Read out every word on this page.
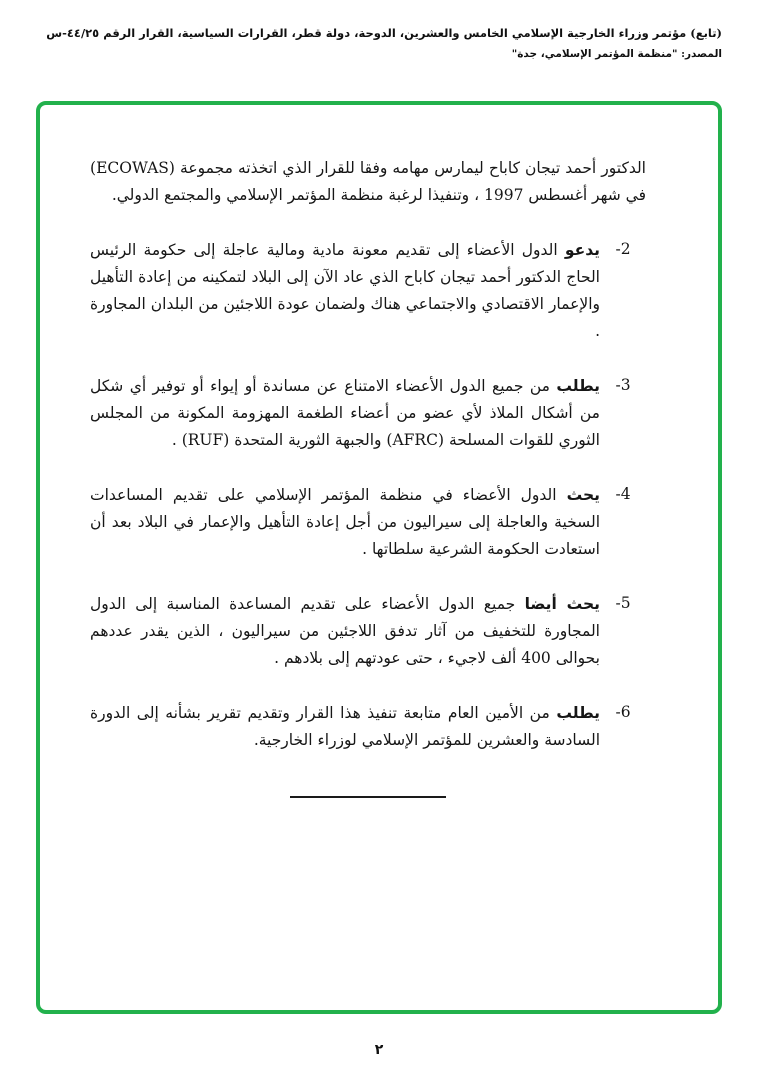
(تابع) مؤتمر وزراء الخارجية الإسلامي الخامس والعشرين، الدوحة، دولة قطر، القرارات السياسية، القرار الرقم ٤٤/٢٥-س
المصدر: "منظمة المؤتمر الإسلامي، جدة"

الدكتور أحمد تيجان كاباح ليمارس مهامه وفقا للقرار الذي اتخذته مجموعة (ECOWAS) في شهر أغسطس 1997 ، وتنفيذا لرغبة منظمة المؤتمر الإسلامي والمجتمع الدولي.

-2

يدعو الدول الأعضاء إلى تقديم معونة مادية ومالية عاجلة إلى حكومة الرئيس الحاج الدكتور أحمد تيجان كاباح الذي عاد الآن إلى البلاد لتمكينه من إعادة التأهيل والإعمار الاقتصادي والاجتماعي هناك ولضمان عودة اللاجئين من البلدان المجاورة .

-3

يطلب من جميع الدول الأعضاء الامتناع عن مساندة أو إيواء أو توفير أي شكل من أشكال الملاذ لأي عضو من أعضاء الطغمة المهزومة المكونة من المجلس الثوري للقوات المسلحة (AFRC) والجبهة الثورية المتحدة (RUF) .

-4

يحث الدول الأعضاء في منظمة المؤتمر الإسلامي على تقديم المساعدات السخية والعاجلة إلى سيراليون من أجل إعادة التأهيل والإعمار في البلاد بعد أن استعادت الحكومة الشرعية سلطاتها .

-5

يحث أيضا جميع الدول الأعضاء على تقديم المساعدة المناسبة إلى الدول المجاورة للتخفيف من آثار تدفق اللاجئين من سيراليون ، الذين يقدر عددهم بحوالى 400 ألف لاجيء ، حتى عودتهم إلى بلادهم .

-6

يطلب من الأمين العام متابعة تنفيذ هذا القرار وتقديم تقرير بشأنه إلى الدورة السادسة والعشرين للمؤتمر الإسلامي لوزراء الخارجية.

٢
